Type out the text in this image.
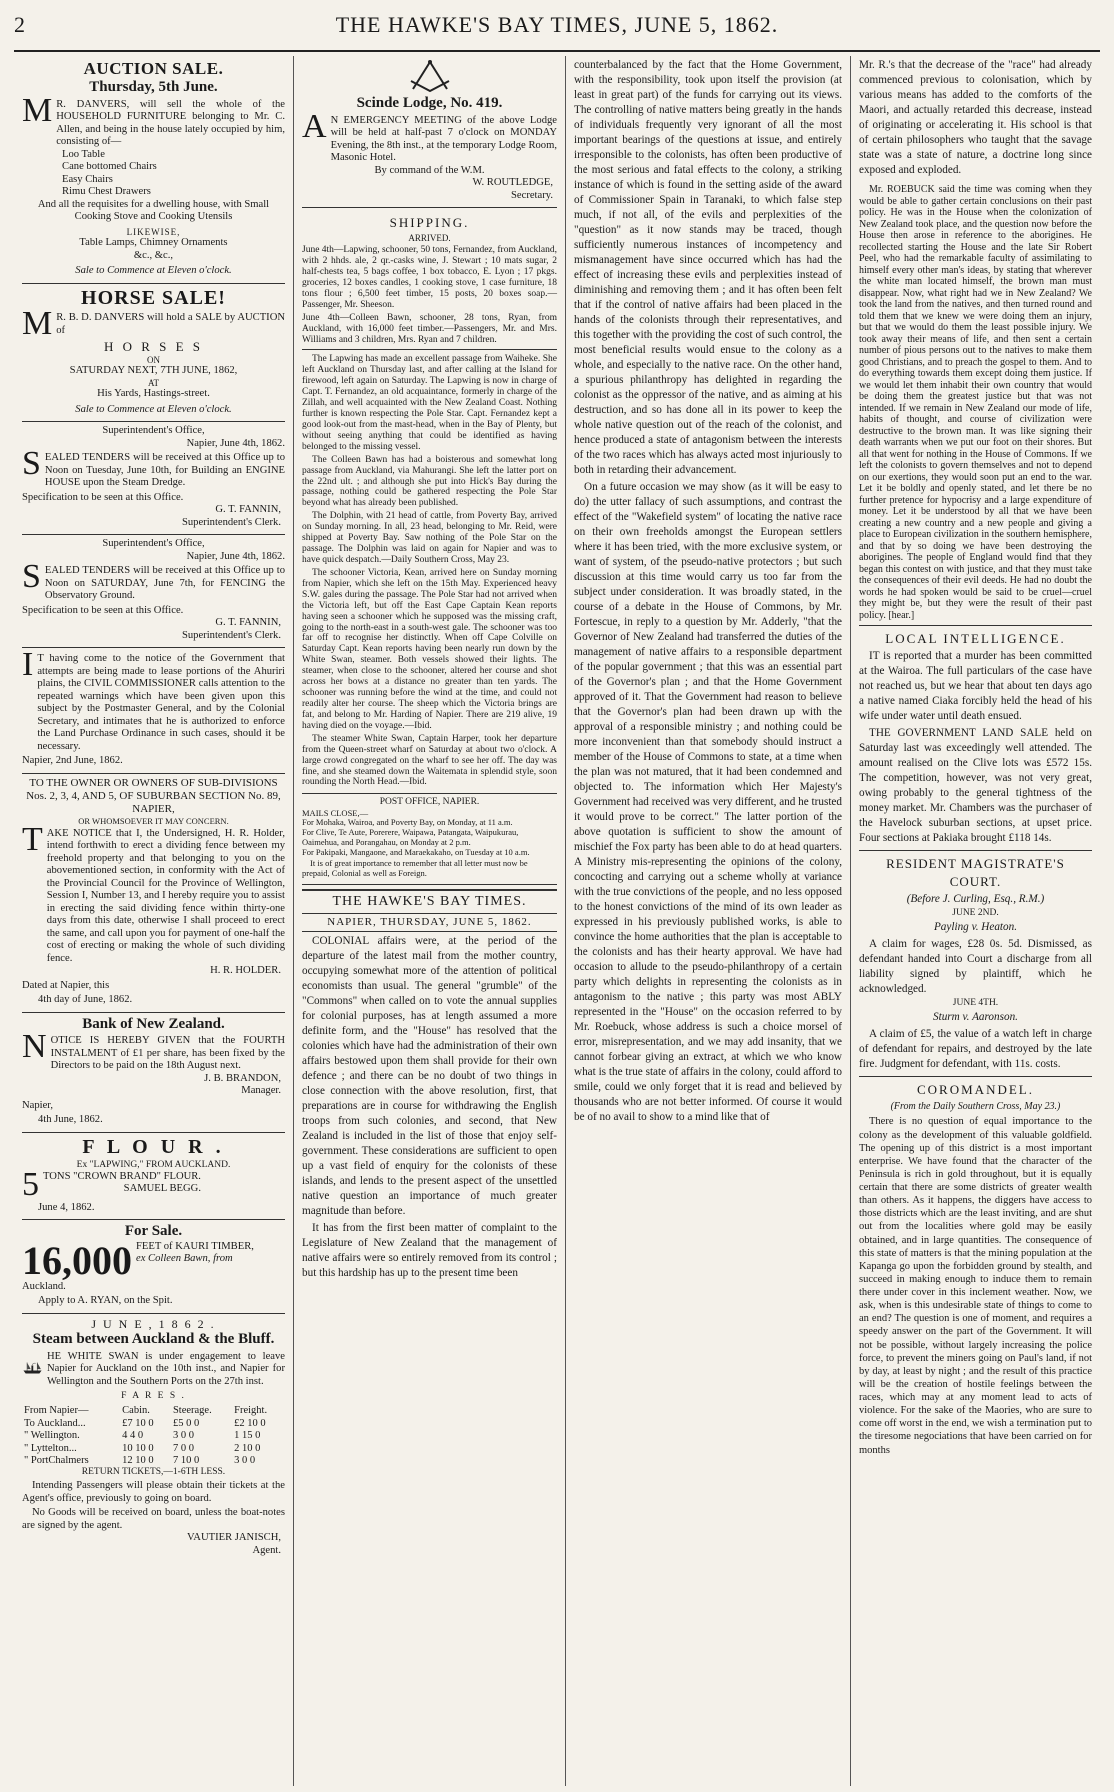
2	THE HAWKE'S BAY TIMES, JUNE 5, 1862.
AUCTION SALE.
Thursday, 5th June.
M R. DANVERS, will sell the whole of the HOUSEHOLD FURNITURE belonging to Mr. C. Allen, and being in the house lately occupied by him, consisting of—
Loo Table
Cane bottomed Chairs
Easy Chairs
Rimu Chest Drawers
And all the requisites for a dwelling house, with Small Cooking Stove and Cooking Utensils
LIKEWISE,
Table Lamps, Chimney Ornaments
&c., &c.,
Sale to Commence at Eleven o'clock.
HORSE SALE!
M R. B. D. DANVERS will hold a SALE by AUCTION of
H O R S E S
ON
SATURDAY NEXT, 7TH JUNE, 1862,
AT
His Yards, Hastings-street.
Sale to Commence at Eleven o'clock.
Superintendent's Office,
Napier, June 4th, 1862.
S EALED TENDERS will be received at this Office up to Noon on Tuesday, June 10th, for Building an ENGINE HOUSE upon the Steam Dredge.
Specification to be seen at this Office.
G. T. FANNIN,
Superintendent's Clerk.
Superintendent's Office,
Napier, June 4th, 1862.
S EALED TENDERS will be received at this Office up to Noon on SATURDAY, June 7th, for FENCING the Observatory Ground.
Specification to be seen at this Office.
G. T. FANNIN,
Superintendent's Clerk.
I T having come to the notice of the Government that attempts are being made to lease portions of the Ahuriri plains, the CIVIL COMMISSIONER calls attention to the repeated warnings which have been given upon this subject by the Postmaster General, and by the Colonial Secretary, and intimates that he is authorized to enforce the Land Purchase Ordinance in such cases, should it be necessary.
Napier, 2nd June, 1862.
TO THE OWNER OR OWNERS OF SUB-DIVISIONS Nos. 2, 3, 4, AND 5, OF SUBURBAN SECTION No. 89, NAPIER,
OR WHOMSOEVER IT MAY CONCERN.
T AKE NOTICE that I, the Undersigned, H. R. Holder, intend forthwith to erect a dividing fence between my freehold property and that belonging to you on the abovementioned section, in conformity with the Act of the Provincial Council for the Province of Wellington, Session I, Number 13, and I hereby require you to assist in erecting the said dividing fence within thirty-one days from this date, otherwise I shall proceed to erect the same, and call upon you for payment of one-half the cost of erecting or making the whole of such dividing fence.
H. R. HOLDER.
Dated at Napier, this
4th day of June, 1862.
Bank of New Zealand.
N OTICE IS HEREBY GIVEN that the FOURTH INSTALMENT of £1 per share, has been fixed by the Directors to be paid on the 18th August next.
J. B. BRANDON,
Manager.
Napier,
4th June, 1862.
F L O U R .
Ex "LAPWING," FROM AUCKLAND.
5 TONS "CROWN BRAND" FLOUR.
SAMUEL BEGG.
June 4, 1862.
For Sale.
16,000 FEET of KAURI TIMBER,
ex Colleen Bawn, from
Auckland.
Apply to A. RYAN, on the Spit.
J U N E , 1 8 6 2 .
Steam between Auckland & the Bluff.
HE WHITE SWAN is under engagement to leave Napier for Auckland on the 10th inst., and Napier for Wellington and the Southern Ports on the 27th inst.
F A R E S .
From Napier—	Cabin.	Steerage.	Freight.
To Auckland...	£7 10 0	£5 0 0	£2 10 0
" Wellington.	4 4 0	3 0 0	1 15 0
" Lyttelton...	10 10 0	7 0 0	2 10 0
" PortChalmers	12 10 0	7 10 0	3 0 0
RETURN TICKETS,—1-6TH LESS.
Intending Passengers will please obtain their tickets at the Agent's office, previously to going on board.
No Goods will be received on board, unless the boat-notes are signed by the agent.
VAUTIER JANISCH,
Agent.
Scinde Lodge, No. 419.
A N EMERGENCY MEETING of the above Lodge will be held at half-past 7 o'clock on MONDAY Evening, the 8th inst., at the temporary Lodge Room, Masonic Hotel.
By command of the W.M.
W. ROUTLEDGE,
Secretary.
SHIPPING.
ARRIVED.
June 4th—Lapwing, schooner, 50 tons, Fernandez, from Auckland, with 2 hhds. ale, 2 qr.-casks wine, J. Stewart ; 10 mats sugar, 2 half-chests tea, 5 bags coffee, 1 box tobacco, E. Lyon ; 17 pkgs. groceries, 12 boxes candles, 1 cooking stove, 1 case furniture, 18 tons flour ; 6,500 feet timber, 15 posts, 20 boxes soap.—Passenger, Mr. Sheeson.
June 4th—Colleen Bawn, schooner, 28 tons, Ryan, from Auckland, with 16,000 feet timber.—Passengers, Mr. and Mrs. Williams and 3 children, Mrs. Ryan and 7 children.
The Lapwing has made an excellent passage from Waiheke. She left Auckland on Thursday last, and after calling at the Island for firewood, left again on Saturday. The Lapwing is now in charge of Capt. T. Fernandez, an old acquaintance, formerly in charge of the Zillah, and well acquainted with the New Zealand Coast. Nothing further is known respecting the Pole Star. Capt. Fernandez kept a good look-out from the mast-head, when in the Bay of Plenty, but without seeing anything that could be identified as having belonged to the missing vessel.
The Colleen Bawn has had a boisterous and somewhat long passage from Auckland, via Mahurangi. She left the latter port on the 22nd ult. ; and although she put into Hick's Bay during the passage, nothing could be gathered respecting the Pole Star beyond what has already been published.
The Dolphin, with 21 head of cattle, from Poverty Bay, arrived on Sunday morning. In all, 23 head, belonging to Mr. Reid, were shipped at Poverty Bay. Saw nothing of the Pole Star on the passage. The Dolphin was laid on again for Napier and was to have quick despatch.—Daily Southern Cross, May 23.
The schooner Victoria, Kean, arrived here on Sunday morning from Napier, which she left on the 15th May. Experienced heavy S.W. gales during the passage. The Pole Star had not arrived when the Victoria left, but off the East Cape Captain Kean reports having seen a schooner which he supposed was the missing craft, going to the north-east in a south-west gale. The schooner was too far off to recognise her distinctly. When off Cape Colville on Saturday Capt. Kean reports having been nearly run down by the White Swan, steamer. Both vessels showed their lights. The steamer, when close to the schooner, altered her course and shot across her bows at a distance no greater than ten yards. The schooner was running before the wind at the time, and could not readily alter her course. The sheep which the Victoria brings are fat, and belong to Mr. Harding of Napier. There are 219 alive, 19 having died on the voyage.—Ibid.
The steamer White Swan, Captain Harper, took her departure from the Queen-street wharf on Saturday at about two o'clock. A large crowd congregated on the wharf to see her off. The day was fine, and she steamed down the Waitemata in splendid style, soon rounding the North Head.—Ibid.
POST OFFICE, NAPIER.
MAILS CLOSE,—
For Mohaka, Wairoa, and Poverty Bay, on Monday, at 11 a.m.
For Clive, Te Aute, Porerere, Waipawa, Patangata, Waipukurau, Oaimehua, and Porangahau, on Monday at 2 p.m.
For Pakipaki, Mangaone, and Maraekakaho, on Tuesday at 10 a.m.
It is of great importance to remember that all letter must now be prepaid, Colonial as well as Foreign.
THE HAWKE'S BAY TIMES.
NAPIER, THURSDAY, JUNE 5, 1862.
COLONIAL affairs were, at the period of the departure of the latest mail from the mother country, occupying somewhat more of the attention of political economists than usual. The general "grumble" of the "Commons" when called on to vote the annual supplies for colonial purposes, has at length assumed a more definite form, and the "House" has resolved that the colonies which have had the administration of their own affairs bestowed upon them shall provide for their own defence ; and there can be no doubt of two things in close connection with the above resolution, first, that preparations are in course for withdrawing the English troops from such colonies, and second, that New Zealand is included in the list of those that enjoy self-government. These considerations are sufficient to open up a vast field of enquiry for the colonists of these islands, and lends to the present aspect of the unsettled native question an importance of much greater magnitude than before.
It has from the first been matter of complaint to the Legislature of New Zealand that the management of native affairs were so entirely removed from its control ; but this hardship has up to the present time been
counterbalanced by the fact that the Home Government, with the responsibility, took upon itself the provision (at least in great part) of the funds for carrying out its views. The controlling of native matters being greatly in the hands of individuals frequently very ignorant of all the most important bearings of the questions at issue, and entirely irresponsible to the colonists, has often been productive of the most serious and fatal effects to the colony, a striking instance of which is found in the setting aside of the award of Commissioner Spain in Taranaki, to which false step much, if not all, of the evils and perplexities of the "question" as it now stands may be traced, though sufficiently numerous instances of incompetency and mismanagement have since occurred which has had the effect of increasing these evils and perplexities instead of diminishing and removing them ; and it has often been felt that if the control of native affairs had been placed in the hands of the colonists through their representatives, and this together with the providing the cost of such control, the most beneficial results would ensue to the colony as a whole, and especially to the native race. On the other hand, a spurious philanthropy has delighted in regarding the colonist as the oppressor of the native, and as aiming at his destruction, and so has done all in its power to keep the whole native question out of the reach of the colonist, and hence produced a state of antagonism between the interests of the two races which has always acted most injuriously to both in retarding their advancement.
On a future occasion we may show (as it will be easy to do) the utter fallacy of such assumptions, and contrast the effect of the "Wakefield system" of locating the native race on their own freeholds amongst the European settlers where it has been tried, with the more exclusive system, or want of system, of the pseudo-native protectors ; but such discussion at this time would carry us too far from the subject under consideration. It was broadly stated, in the course of a debate in the House of Commons, by Mr. Fortescue, in reply to a question by Mr. Adderly, "that the Governor of New Zealand had transferred the duties of the management of native affairs to a responsible department of the popular government ; that this was an essential part of the Governor's plan ; and that the Home Government approved of it. That the Government had reason to believe that the Governor's plan had been drawn up with the approval of a responsible ministry ; and nothing could be more inconvenient than that somebody should instruct a member of the House of Commons to state, at a time when the plan was not matured, that it had been condemned and objected to. The information which Her Majesty's Government had received was very different, and he trusted it would prove to be correct." The latter portion of the above quotation is sufficient to show the amount of mischief the Fox party has been able to do at head quarters. A Ministry mis-representing the opinions of the colony, concocting and carrying out a scheme wholly at variance with the true convictions of the people, and no less opposed to the honest convictions of the mind of its own leader as expressed in his previously published works, is able to convince the home authorities that the plan is acceptable to the colonists and has their hearty approval. We have had occasion to allude to the pseudo-philanthropy of a certain party which delights in representing the colonists as in antagonism to the native ; this party was most ABLY represented in the "House" on the occasion referred to by Mr. Roebuck, whose address is such a choice morsel of error, misrepresentation, and we may add insanity, that we cannot forbear giving an extract, at which we who know what is the true state of affairs in the colony, could afford to smile, could we only forget that it is read and believed by thousands who are not better informed. Of course it would be of no avail to show to a mind like that of
Mr. R.'s that the decrease of the "race" had already commenced previous to colonisation, which by various means has added to the comforts of the Maori, and actually retarded this decrease, instead of originating or accelerating it. His school is that of certain philosophers who taught that the savage state was a state of nature, a doctrine long since exposed and exploded.
Mr. ROEBUCK said the time was coming when they would be able to gather certain conclusions on their past policy. He was in the House when the colonization of New Zealand took place, and the question now before the House then arose in reference to the aborigines. He recollected starting the House and the late Sir Robert Peel, who had the remarkable faculty of assimilating to himself every other man's ideas, by stating that wherever the white man located himself, the brown man must disappear. Now, what right had we in New Zealand? We took the land from the natives, and then turned round and told them that we knew we were doing them an injury, but that we would do them the least possible injury. We took away their means of life, and then sent a certain number of pious persons out to the natives to make them good Christians, and to preach the gospel to them. And to do everything towards them except doing them justice. If we would let them inhabit their own country that would be doing them the greatest justice but that was not intended. If we remain in New Zealand our mode of life, habits of thought, and course of civilization were destructive to the brown man. It was like signing their death warrants when we put our foot on their shores. But all that went for nothing in the House of Commons. If we left the colonists to govern themselves and not to depend on our exertions, they would soon put an end to the war. Let it be boldly and openly stated, and let there be no further pretence for hypocrisy and a large expenditure of money. Let it be understood by all that we have been creating a new country and a new people and giving a place to European civilization in the southern hemisphere, and that by so doing we have been destroying the aborigines. The people of England would find that they began this contest on with justice, and that they must take the consequences of their evil deeds. He had no doubt the words he had spoken would be said to be cruel—cruel they might be, but they were the result of their past policy. [hear.]
LOCAL INTELLIGENCE.
IT is reported that a murder has been committed at the Wairoa. The full particulars of the case have not reached us, but we hear that about ten days ago a native named Ciaka forcibly held the head of his wife under water until death ensued.
THE GOVERNMENT LAND SALE held on Saturday last was exceedingly well attended. The amount realised on the Clive lots was £572 15s. The competition, however, was not very great, owing probably to the general tightness of the money market. Mr. Chambers was the purchaser of the Havelock suburban sections, at upset price. Four sections at Pakiaka brought £118 14s.
RESIDENT MAGISTRATE'S COURT.
(Before J. Curling, Esq., R.M.)
JUNE 2ND.
Payling v. Heaton.
A claim for wages, £28 0s. 5d. Dismissed, as defendant handed into Court a discharge from all liability signed by plaintiff, which he acknowledged.
JUNE 4TH.
Sturm v. Aaronson.
A claim of £5, the value of a watch left in charge of defendant for repairs, and destroyed by the late fire. Judgment for defendant, with 11s. costs.
COROMANDEL.
(From the Daily Southern Cross, May 23.)
There is no question of equal importance to the colony as the development of this valuable goldfield. The opening up of this district is a most important enterprise. We have found that the character of the Peninsula is rich in gold throughout, but it is equally certain that there are some districts of greater wealth than others. As it happens, the diggers have access to those districts which are the least inviting, and are shut out from the localities where gold may be easily obtained, and in large quantities. The consequence of this state of matters is that the mining population at the Kapanga go upon the forbidden ground by stealth, and succeed in making enough to induce them to remain there under cover in this inclement weather. Now, we ask, when is this undesirable state of things to come to an end? The question is one of moment, and requires a speedy answer on the part of the Government. It will not be possible, without largely increasing the police force, to prevent the miners going on Paul's land, if not by day, at least by night ; and the result of this practice will be the creation of hostile feelings between the races, which may at any moment lead to acts of violence. For the sake of the Maories, who are sure to come off worst in the end, we wish a termination put to the tiresome negociations that have been carried on for months
